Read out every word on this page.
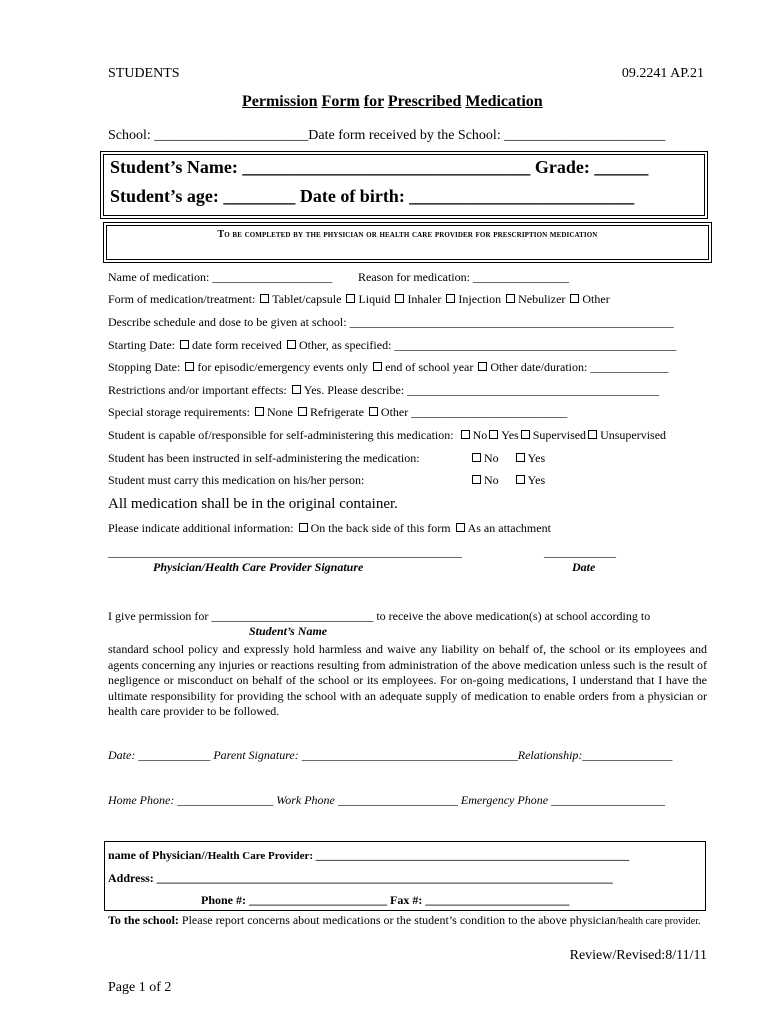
STUDENTS	09.2241 AP.21
Permission Form for Prescribed Medication
School: ______________________Date form received by the School: _______________________
Student’s Name: ________________________________ Grade: ______
Student’s age: ________ Date of birth: _________________________
To be completed by the physician or health care provider for prescription medication
Name of medication: ____________________ Reason for medication: ________________
Form of medication/treatment: Tablet/capsule Liquid Inhaler Injection Nebulizer Other
Describe schedule and dose to be given at school: ______________________________________________________
Starting Date: date form received Other, as specified: _______________________________________________
Stopping Date: for episodic/emergency events only end of school year Other date/duration: _____________
Restrictions and/or important effects: Yes. Please describe: __________________________________________
Special storage requirements: None Refrigerate Other __________________________
Student is capable of/responsible for self-administering this medication: No Yes Supervised Unsupervised
Student has been instructed in self-administering the medication:	No Yes
Student must carry this medication on his/her person:	No Yes
All medication shall be in the original container.
Please indicate additional information: On the back side of this form As an attachment
___________________________________________________________	____________
Physician/Health Care Provider Signature	Date
I give permission for ___________________________ to receive the above medication(s) at school according to
Student’s Name
standard school policy and expressly hold harmless and waive any liability on behalf of, the school or its employees and agents concerning any injuries or reactions resulting from administration of the above medication unless such is the result of negligence or misconduct on behalf of the school or its employees. For on-going medications, I understand that I have the ultimate responsibility for providing the school with an adequate supply of medication to enable orders from a physician or health care provider to be followed.
Date: ____________ Parent Signature: ____________________________________Relationship:_______________
Home Phone: ________________ Work Phone ____________________ Emergency Phone ___________________
name of Physician//Health Care Provider: _________________________________________________________
Address: ____________________________________________________________________________
Phone #: _______________________ Fax #: ________________________
To the school: Please report concerns about medications or the student’s condition to the above physician/health care provider.
Review/Revised:8/11/11
Page 1 of 2
